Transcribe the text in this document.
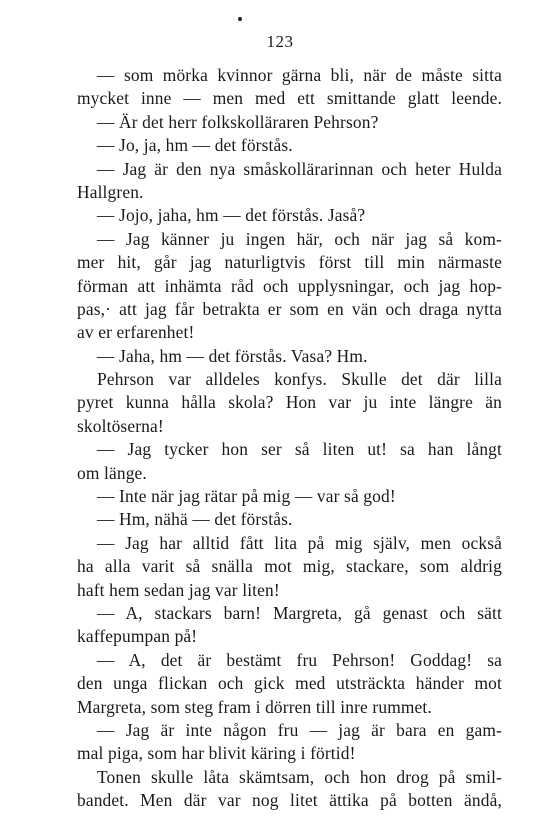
123
— som mörka kvinnor gärna bli, när de måste sitta
mycket inne — men med ett smittande glatt leende.
— Är det herr folkskolläraren Pehrson?
— Jo, ja, hm — det förstås.
— Jag är den nya småskollärarinnan och heter Hulda
Hallgren.
— Jojo, jaha, hm — det förstås. Jaså?
— Jag känner ju ingen här, och när jag så kom-
mer hit, går jag naturligtvis först till min närmaste
förman att inhämta råd och upplysningar, och jag hop-
pas,· att jag får betrakta er som en vän och draga nytta
av er erfarenhet!
— Jaha, hm — det förstås. Vasa? Hm.
Pehrson var alldeles konfys. Skulle det där lilla
pyret kunna hålla skola? Hon var ju inte längre än
skoltöserna!
— Jag tycker hon ser så liten ut! sa han långt
om länge.
— Inte när jag rätar på mig — var så god!
— Hm, nähä — det förstås.
— Jag har alltid fått lita på mig själv, men också
ha alla varit så snälla mot mig, stackare, som aldrig
haft hem sedan jag var liten!
— A, stackars barn! Margreta, gå genast och sätt
kaffepumpan på!
— A, det är bestämt fru Pehrson! Goddag! sa
den unga flickan och gick med utsträckta händer mot
Margreta, som steg fram i dörren till inre rummet.
— Jag är inte någon fru — jag är bara en gam-
mal piga, som har blivit käring i förtid!
Tonen skulle låta skämtsam, och hon drog på smil-
bandet. Men där var nog litet ättika på botten ändå,
